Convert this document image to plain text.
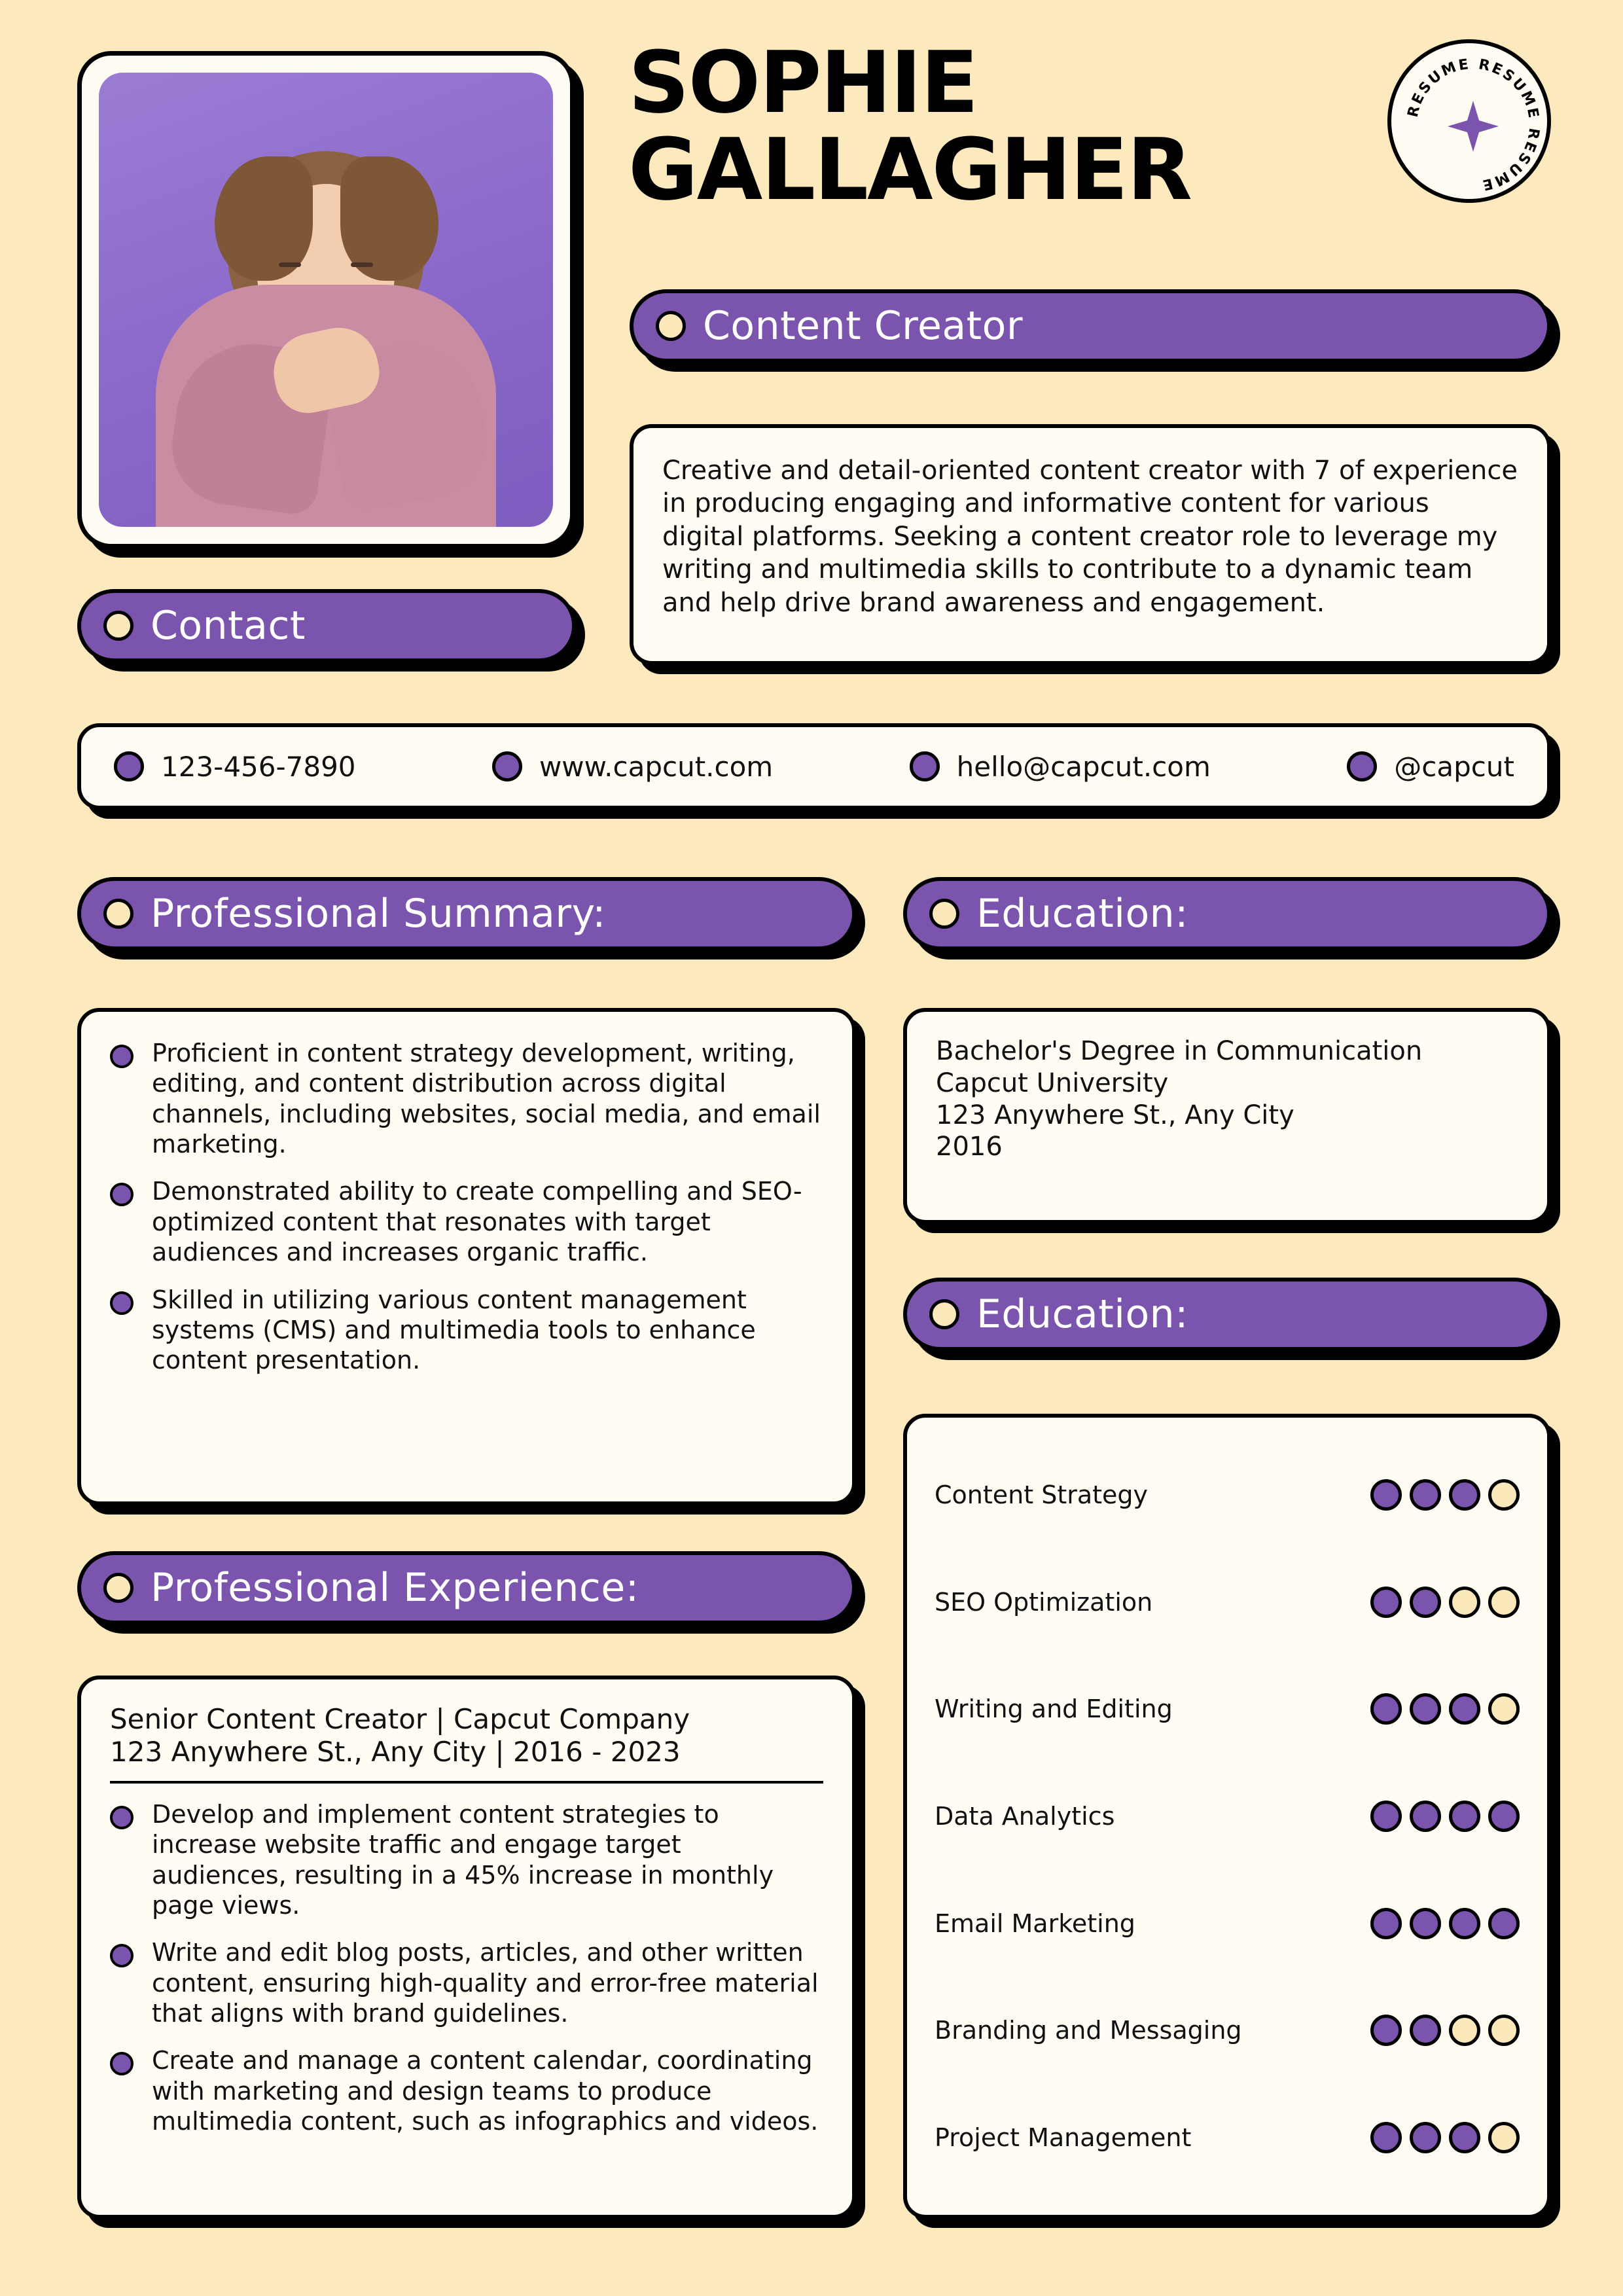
SOPHIE
GALLAGHER
RESUME RESUME RESUME
Content Creator
Creative and detail-oriented content creator with 7 of experience in producing engaging and informative content for various digital platforms. Seeking a content creator role to leverage my writing and multimedia skills to contribute to a dynamic team and help drive brand awareness and engagement.
Contact
123-456-7890	www.capcut.com	hello@capcut.com	@capcut
Professional Summary:
Proficient in content strategy development, writing, editing, and content distribution across digital channels, including websites, social media, and email marketing.
Demonstrated ability to create compelling and SEO-optimized content that resonates with target audiences and increases organic traffic.
Skilled in utilizing various content management systems (CMS) and multimedia tools to enhance content presentation.
Education:
Bachelor's Degree in Communication
Capcut University
123 Anywhere St., Any City
2016
Education:
Content Strategy
SEO Optimization
Writing and Editing
Data Analytics
Email Marketing
Branding and Messaging
Project Management
Professional Experience:
Senior Content Creator | Capcut Company
123 Anywhere St., Any City | 2016 - 2023
Develop and implement content strategies to increase website traffic and engage target audiences, resulting in a 45% increase in monthly page views.
Write and edit blog posts, articles, and other written content, ensuring high-quality and error-free material that aligns with brand guidelines.
Create and manage a content calendar, coordinating with marketing and design teams to produce multimedia content, such as infographics and videos.
